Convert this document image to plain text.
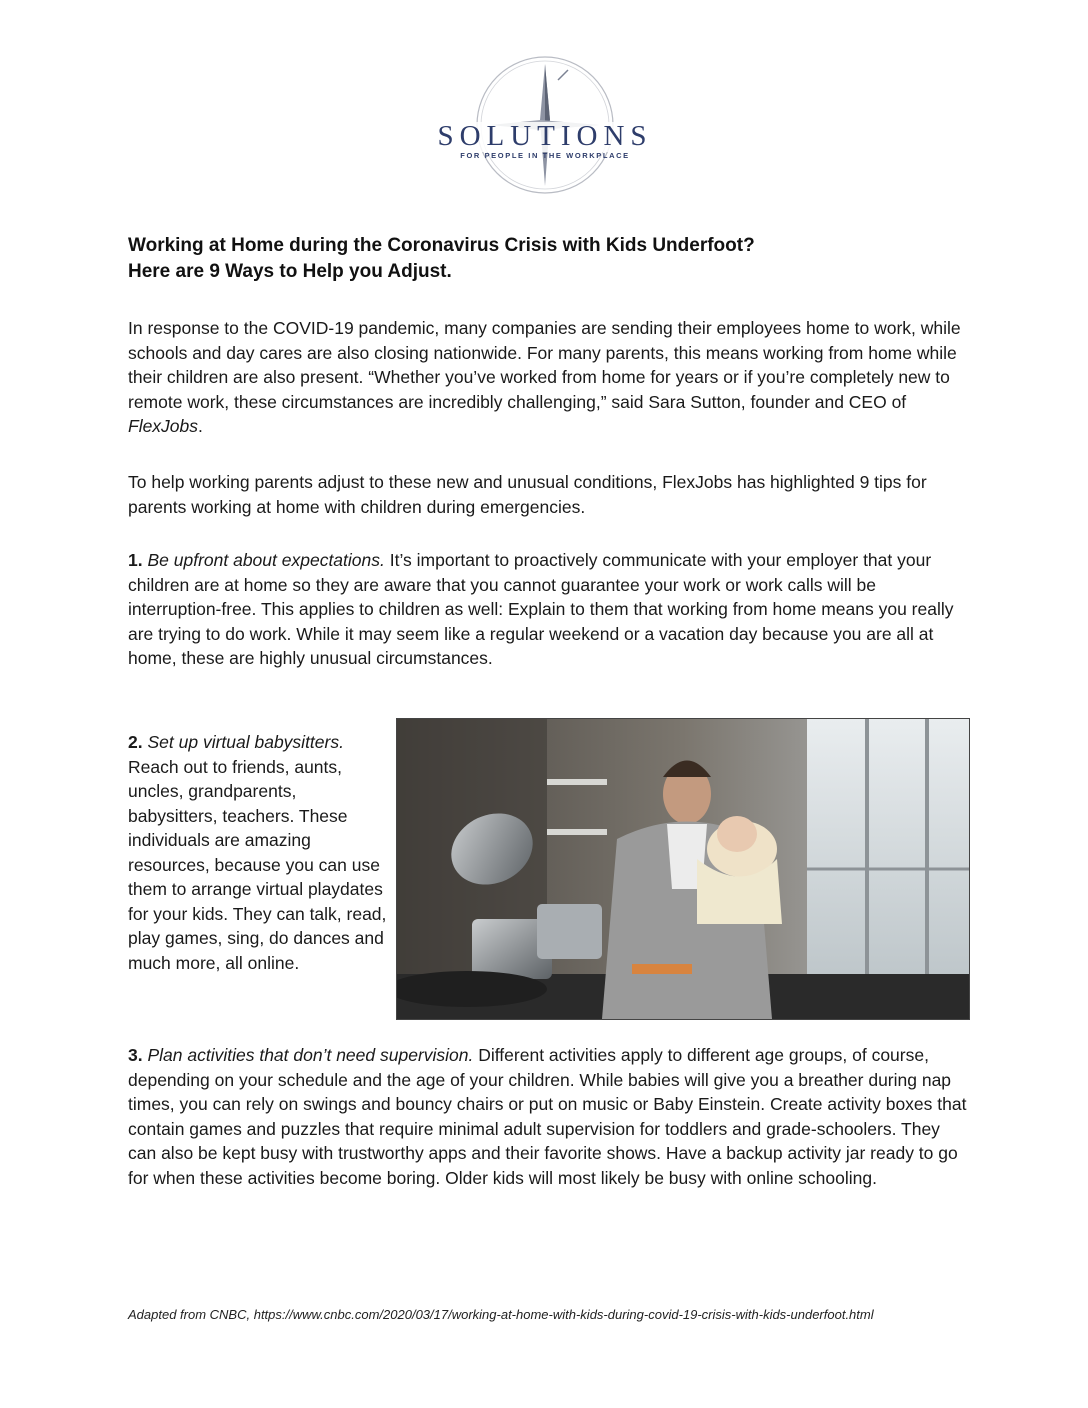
SOLUTIONS
FOR PEOPLE IN THE WORKPLACE
Working at Home during the Coronavirus Crisis with Kids Underfoot?
Here are 9 Ways to Help you Adjust.
In response to the COVID-19 pandemic, many companies are sending their employees home to work, while schools and day cares are also closing nationwide. For many parents, this means working from home while their children are also present. “Whether you’ve worked from home for years or if you’re completely new to remote work, these circumstances are incredibly challenging,” said Sara Sutton, founder and CEO of FlexJobs.
To help working parents adjust to these new and unusual conditions, FlexJobs has highlighted 9 tips for parents working at home with children during emergencies.
1. Be upfront about expectations. It’s important to proactively communicate with your employer that your children are at home so they are aware that you cannot guarantee your work or work calls will be interruption-free. This applies to children as well: Explain to them that working from home means you really are trying to do work. While it may seem like a regular weekend or a vacation day because you are all at home, these are highly unusual circumstances.
2. Set up virtual babysitters. Reach out to friends, aunts, uncles, grandparents, babysitters, teachers. These individuals are amazing resources, because you can use them to arrange virtual playdates for your kids. They can talk, read, play games, sing, do dances and much more, all online.
3. Plan activities that don’t need supervision. Different activities apply to different age groups, of course, depending on your schedule and the age of your children. While babies will give you a breather during nap times, you can rely on swings and bouncy chairs or put on music or Baby Einstein. Create activity boxes that contain games and puzzles that require minimal adult supervision for toddlers and grade-schoolers. They can also be kept busy with trustworthy apps and their favorite shows. Have a backup activity jar ready to go for when these activities become boring. Older kids will most likely be busy with online schooling.
Adapted from CNBC, https://www.cnbc.com/2020/03/17/working-at-home-with-kids-during-covid-19-crisis-with-kids-underfoot.html
